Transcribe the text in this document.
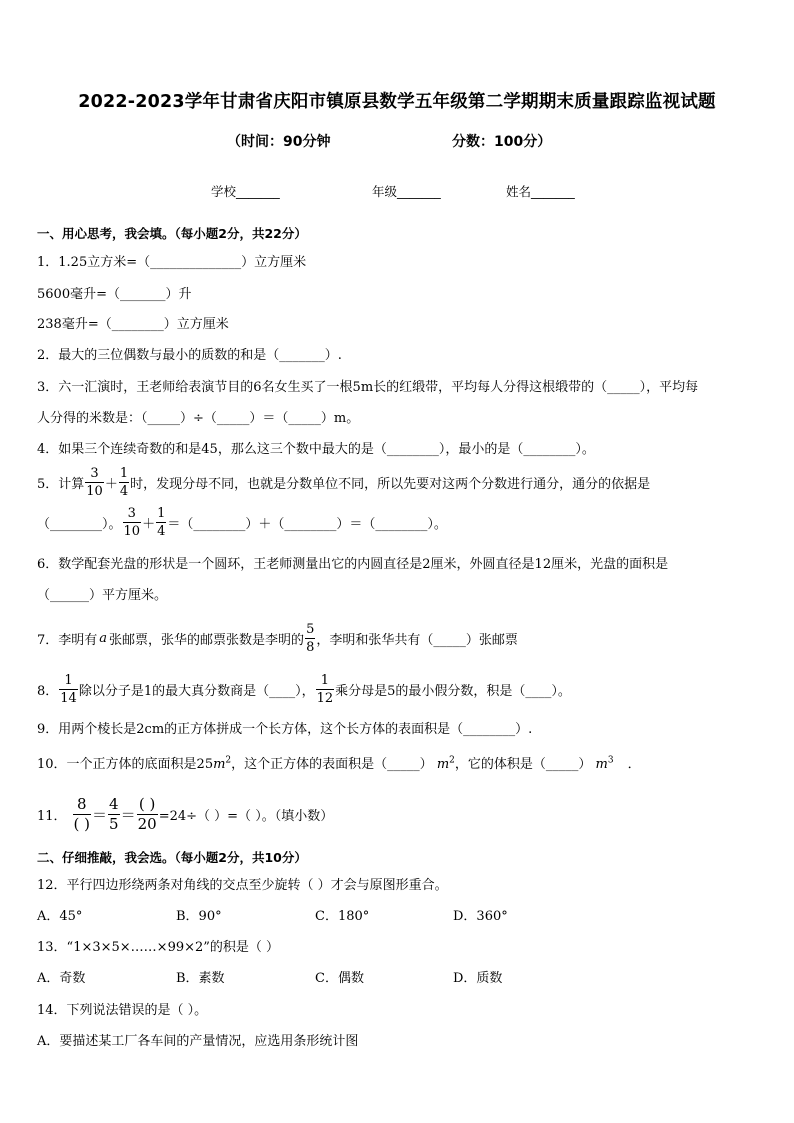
2022-2023学年甘肃省庆阳市镇原县数学五年级第二学期期末质量跟踪监视试题
（时间：90分钟	分数：100分）
学校_______	年级_______	姓名_______
一、用心思考，我会填。（每小题2分，共22分）
1．1.25立方米=（______________）立方厘米
5600毫升=（_______）升
238毫升=（________）立方厘米
2．最大的三位偶数与最小的质数的和是（_______）.
3．六一汇演时，王老师给表演节目的6名女生买了一根5m长的红缎带，平均每人分得这根缎带的（_____），平均每
人分得的米数是：（_____）÷（_____）＝（_____）m。
4．如果三个连续奇数的和是45，那么这三个数中最大的是（________），最小的是（________）。
5．计算 $\frac{3}{10} + \frac{1}{4}$ 时，发现分母不同，也就是分数单位不同，所以先要对这两个分数进行通分，通分的依据是
（________）。 $\frac{3}{10} + \frac{1}{4}$ ＝（________）＋（________）＝（________）。
6．数学配套光盘的形状是一个圆环，王老师测量出它的内圆直径是2厘米，外圆直径是12厘米，光盘的面积是
（______）平方厘米。
7．李明有 a 张邮票，张华的邮票张数是李明的 $\frac{5}{8}$ ，李明和张华共有（_____）张邮票
8． $\frac{1}{14}$ 除以分子是1的最大真分数商是（____）， $\frac{1}{12}$ 乘分母是5的最小假分数，积是（____）。
9．用两个棱长是2cm的正方体拼成一个长方体，这个长方体的表面积是（________）.
10．一个正方体的底面积是$25m^2$，这个正方体的表面积是（_____） $m^2$，它的体积是（_____） $m^3$ ．
11． $\frac{8}{( )} = \frac{4}{5} = \frac{( )}{20} =24\div$（ ）=（ ）。（填小数）
二、仔细推敲，我会选。（每小题2分，共10分）
12．平行四边形绕两条对角线的交点至少旋转（ ）才会与原图形重合。
A．45°	B．90°	C．180°	D．360°
13．“1×3×5×……×99×2”的积是（ ）
A．奇数	B．素数	C．偶数	D．质数
14．下列说法错误的是（ ）。
A．要描述某工厂各车间的产量情况，应选用条形统计图
